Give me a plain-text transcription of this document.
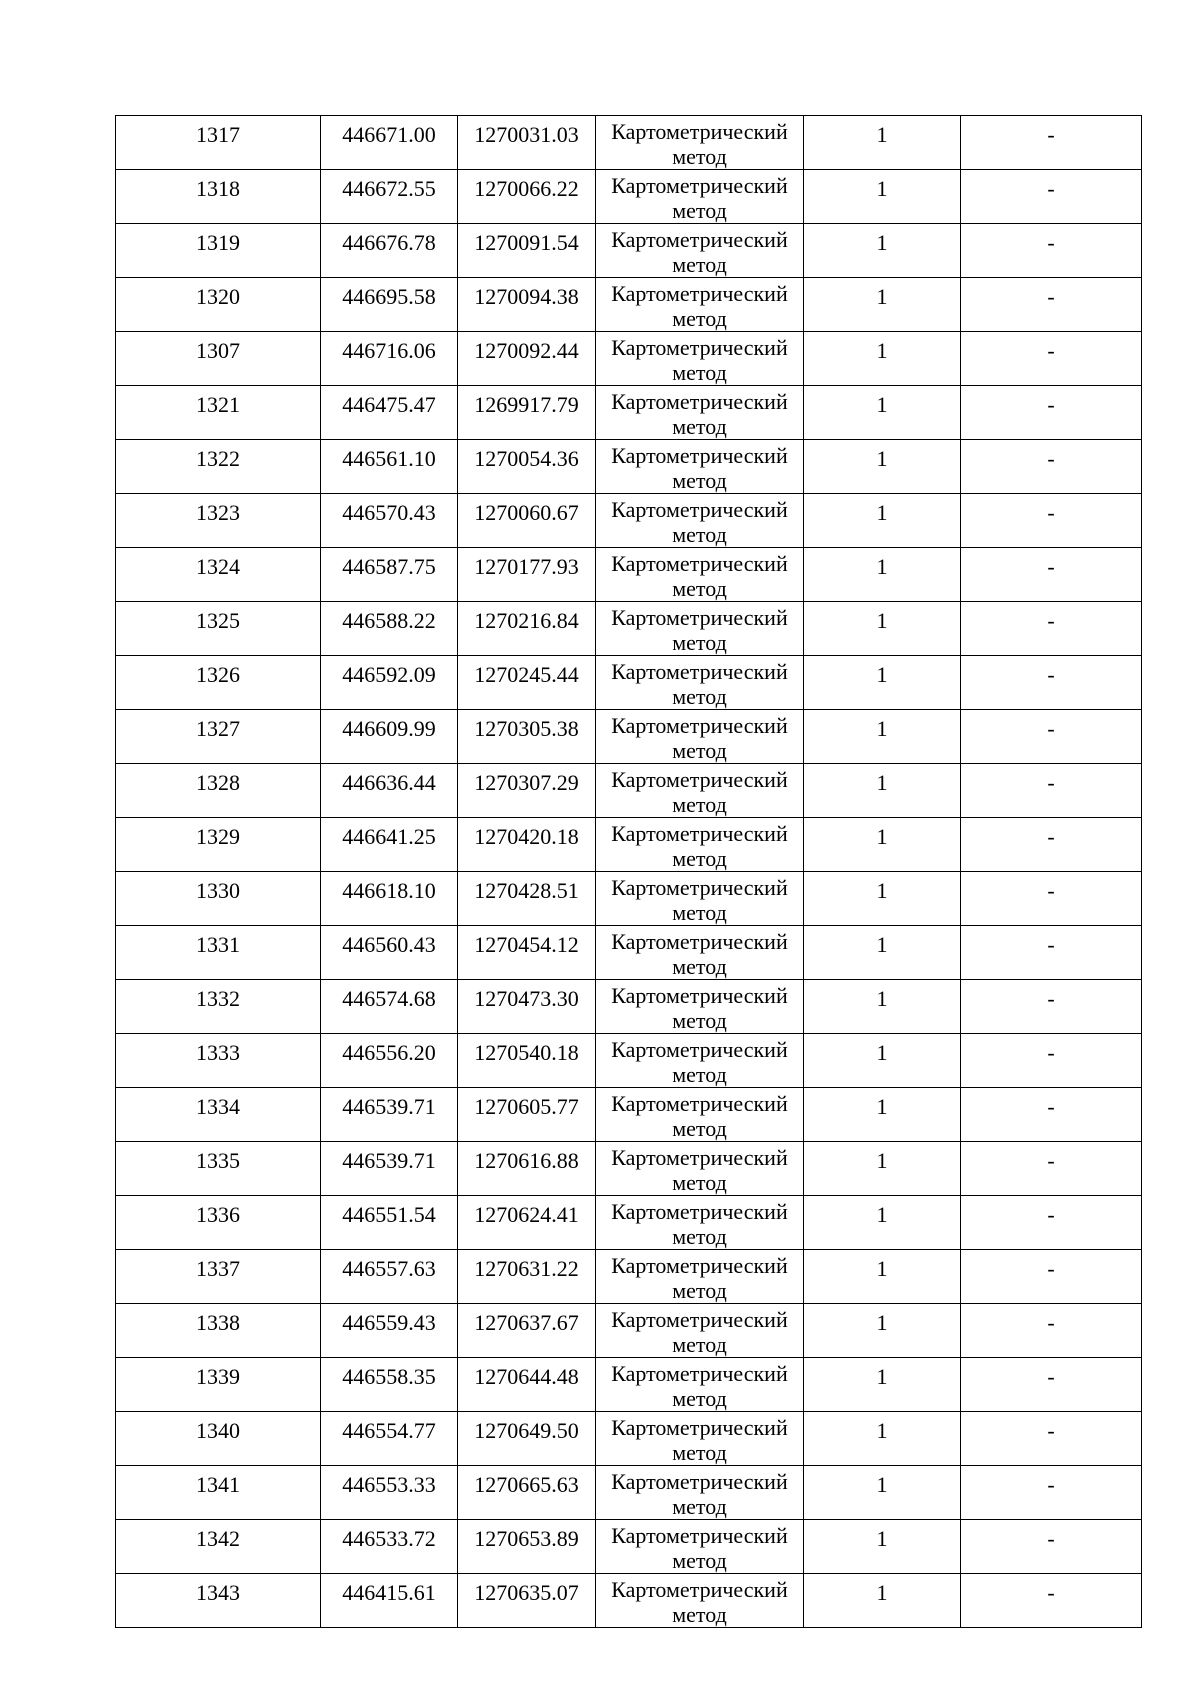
1317	446671.00	1270031.03	Картометрический метод	1	-
1318	446672.55	1270066.22	Картометрический метод	1	-
1319	446676.78	1270091.54	Картометрический метод	1	-
1320	446695.58	1270094.38	Картометрический метод	1	-
1307	446716.06	1270092.44	Картометрический метод	1	-
1321	446475.47	1269917.79	Картометрический метод	1	-
1322	446561.10	1270054.36	Картометрический метод	1	-
1323	446570.43	1270060.67	Картометрический метод	1	-
1324	446587.75	1270177.93	Картометрический метод	1	-
1325	446588.22	1270216.84	Картометрический метод	1	-
1326	446592.09	1270245.44	Картометрический метод	1	-
1327	446609.99	1270305.38	Картометрический метод	1	-
1328	446636.44	1270307.29	Картометрический метод	1	-
1329	446641.25	1270420.18	Картометрический метод	1	-
1330	446618.10	1270428.51	Картометрический метод	1	-
1331	446560.43	1270454.12	Картометрический метод	1	-
1332	446574.68	1270473.30	Картометрический метод	1	-
1333	446556.20	1270540.18	Картометрический метод	1	-
1334	446539.71	1270605.77	Картометрический метод	1	-
1335	446539.71	1270616.88	Картометрический метод	1	-
1336	446551.54	1270624.41	Картометрический метод	1	-
1337	446557.63	1270631.22	Картометрический метод	1	-
1338	446559.43	1270637.67	Картометрический метод	1	-
1339	446558.35	1270644.48	Картометрический метод	1	-
1340	446554.77	1270649.50	Картометрический метод	1	-
1341	446553.33	1270665.63	Картометрический метод	1	-
1342	446533.72	1270653.89	Картометрический метод	1	-
1343	446415.61	1270635.07	Картометрический метод	1	-
